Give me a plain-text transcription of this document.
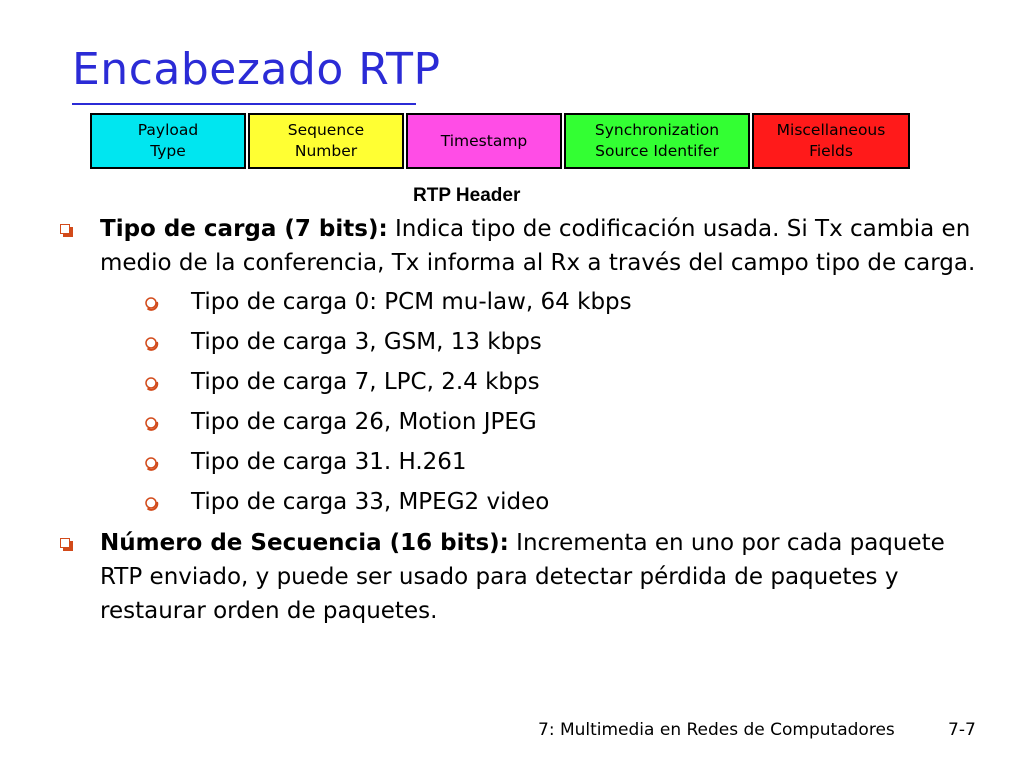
Encabezado RTP
Payload
Type
Sequence
Number
Timestamp
Synchronization
Source Identifer
Miscellaneous
Fields
RTP Header
Tipo de carga (7 bits): Indica tipo de codificación usada. Si Tx cambia en medio de la conferencia, Tx informa al Rx a través del campo tipo de carga.
Tipo de carga 0: PCM mu-law, 64 kbps
Tipo de carga 3, GSM, 13 kbps
Tipo de carga 7, LPC, 2.4 kbps
Tipo de carga 26, Motion JPEG
Tipo de carga 31. H.261
Tipo de carga 33, MPEG2 video
Número de Secuencia (16 bits): Incrementa en uno por cada paquete RTP enviado, y puede ser usado para detectar pérdida de paquetes y restaurar orden de paquetes.
7: Multimedia en Redes de Computadores	7-7
